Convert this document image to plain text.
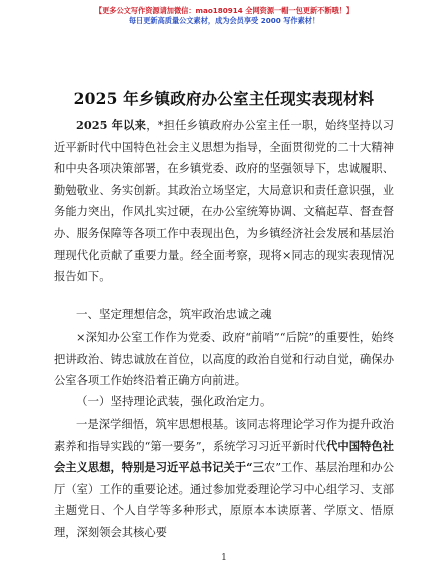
【更多公文写作资源请加微信：mao180914 全网资源一帽一包更新不断哦！】
每日更新高质量公文素材，成为会员享受 2000 写作素材！
2025 年乡镇政府办公室主任现实表现材料

2025 年以来，*担任乡镇政府办公室主任一职，始终坚持以习近平新时代中国特色社会主义思想为指导，全面贯彻党的二十大精神和中央各项决策部署，在乡镇党委、政府的坚强领导下，忠诚履职、勤勉敬业、务实创新。其政治立场坚定，大局意识和责任意识强，业务能力突出，作风扎实过硬，在办公室统筹协调、文稿起草、督查督办、服务保障等各项工作中表现出色，为乡镇经济社会发展和基层治理现代化贡献了重要力量。经全面考察，现将×同志的现实表现情况报告如下。

一、坚定理想信念，筑牢政治忠诚之魂

×深知办公室工作作为党委、政府“前哨”“后院”的重要性，始终把讲政治、铸忠诚放在首位，以高度的政治自觉和行动自觉，确保办公室各项工作始终沿着正确方向前进。

（一）坚持理论武装，强化政治定力。

一是深学细悟，筑牢思想根基。该同志将理论学习作为提升政治素养和指导实践的“第一要务”，系统学习习近平新时代代中国特色社会主义思想，特别是习近平总书记关于“三农”工作、基层治理和办公厅（室）工作的重要论述。通过参加党委理论学习中心组学习、支部主题党日、个人自学等多种形式，原原本本读原著、学原文、悟原理，深刻领会其核心要

1
